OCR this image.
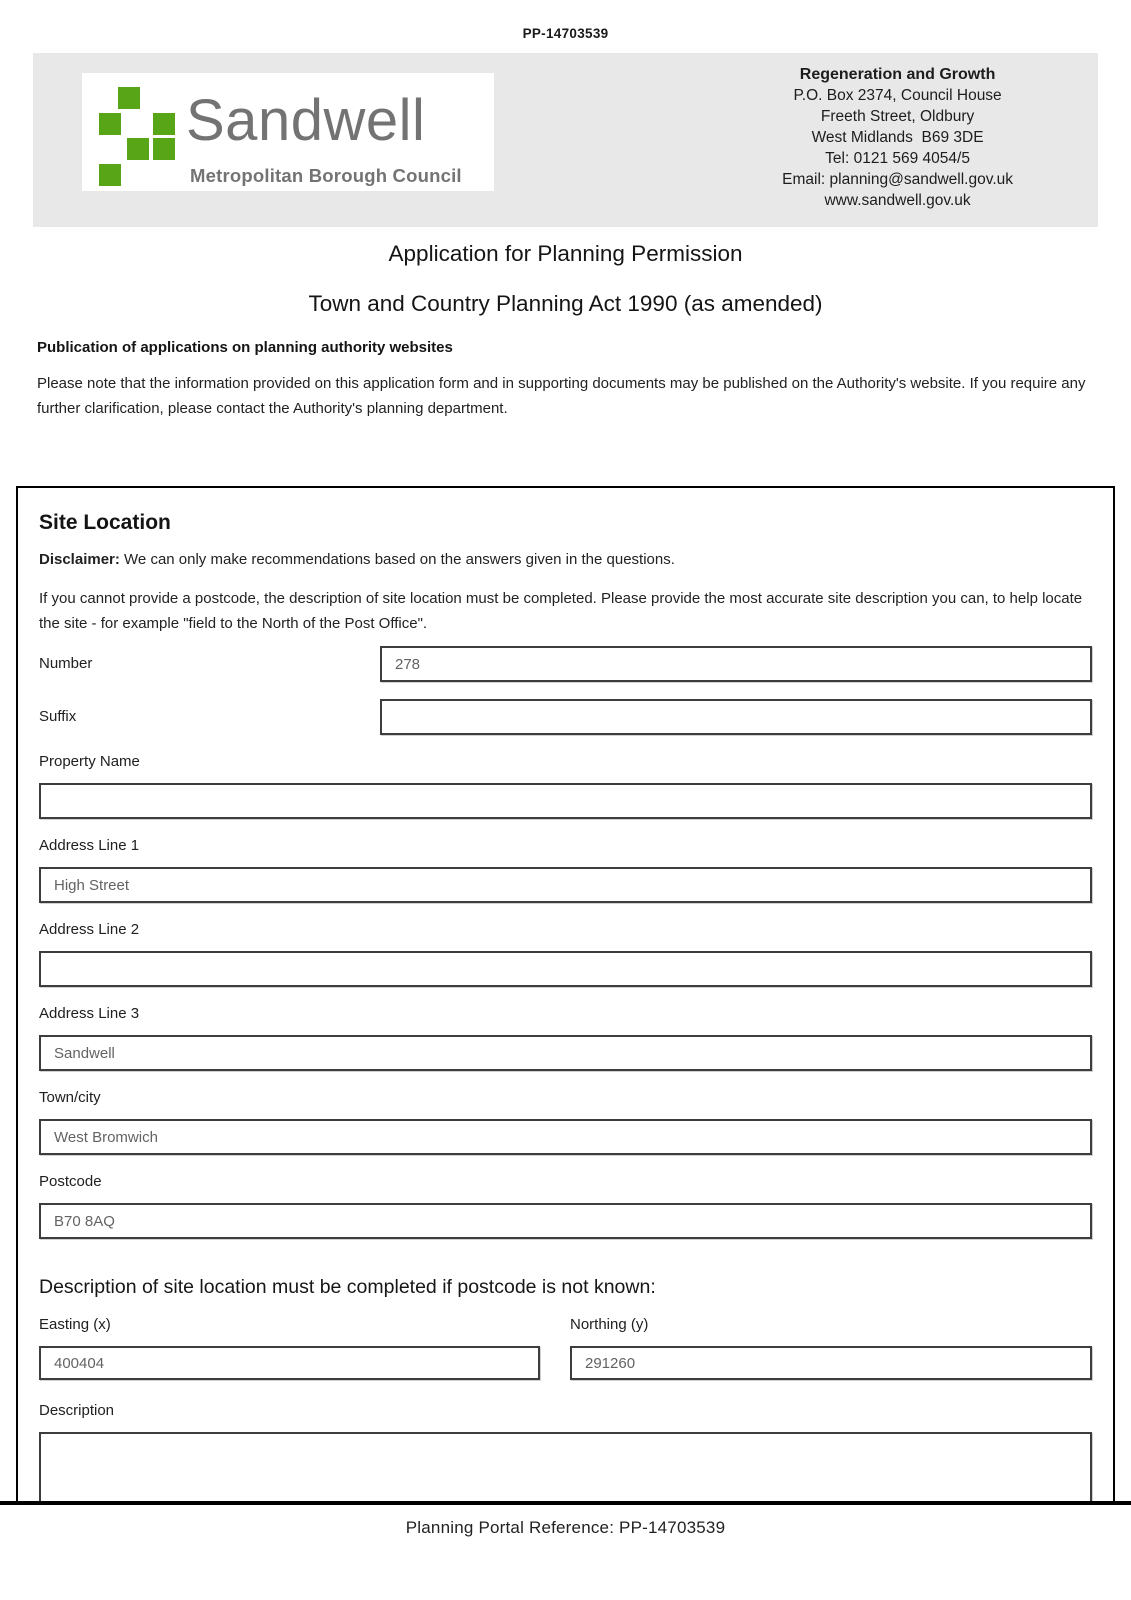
PP-14703539
Sandwell
Metropolitan Borough Council
Regeneration and Growth
P.O. Box 2374, Council House
Freeth Street, Oldbury
West Midlands  B69 3DE
Tel: 0121 569 4054/5
Email: planning@sandwell.gov.uk
www.sandwell.gov.uk
Application for Planning Permission
Town and Country Planning Act 1990 (as amended)
Publication of applications on planning authority websites
Please note that the information provided on this application form and in supporting documents may be published on the Authority's website. If you require any further clarification, please contact the Authority's planning department.
Site Location
Disclaimer: We can only make recommendations based on the answers given in the questions.
If you cannot provide a postcode, the description of site location must be completed. Please provide the most accurate site description you can, to help locate the site - for example "field to the North of the Post Office".
Number
278
Suffix
Property Name
Address Line 1
High Street
Address Line 2
Address Line 3
Sandwell
Town/city
West Bromwich
Postcode
B70 8AQ
Description of site location must be completed if postcode is not known:
Easting (x)
400404	Northing (y)
291260
Description
Planning Portal Reference: PP-14703539
